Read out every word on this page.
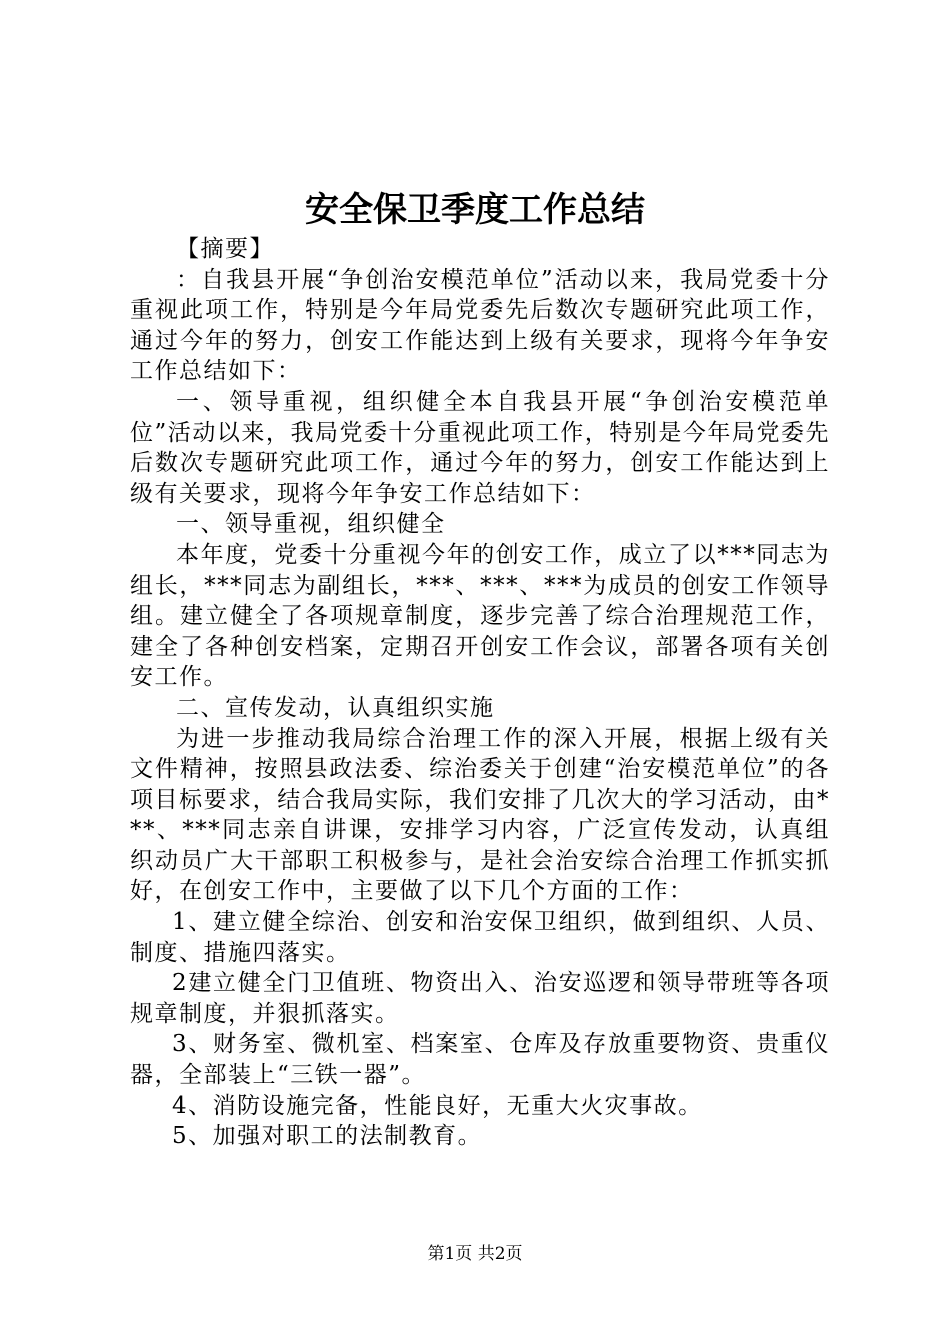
安全保卫季度工作总结

【摘要】

：自我县开展“争创治安模范单位”活动以来，我局党委十分重视此项工作，特别是今年局党委先后数次专题研究此项工作，通过今年的努力，创安工作能达到上级有关要求，现将今年争安工作总结如下：

一、领导重视，组织健全本自我县开展“争创治安模范单位”活动以来，我局党委十分重视此项工作，特别是今年局党委先后数次专题研究此项工作，通过今年的努力，创安工作能达到上级有关要求，现将今年争安工作总结如下：

一、领导重视，组织健全

本年度，党委十分重视今年的创安工作，成立了以***同志为组长，***同志为副组长，***、***、***为成员的创安工作领导组。建立健全了各项规章制度，逐步完善了综合治理规范工作，建全了各种创安档案，定期召开创安工作会议，部署各项有关创安工作。

二、宣传发动，认真组织实施

为进一步推动我局综合治理工作的深入开展，根据上级有关文件精神，按照县政法委、综治委关于创建“治安模范单位”的各项目标要求，结合我局实际，我们安排了几次大的学习活动，由***、***同志亲自讲课，安排学习内容，广泛宣传发动，认真组织动员广大干部职工积极参与，是社会治安综合治理工作抓实抓好，在创安工作中，主要做了以下几个方面的工作：

1、建立健全综治、创安和治安保卫组织，做到组织、人员、制度、措施四落实。

2建立健全门卫值班、物资出入、治安巡逻和领导带班等各项规章制度，并狠抓落实。

3、财务室、微机室、档案室、仓库及存放重要物资、贵重仪器，全部装上“三铁一器”。

4、消防设施完备，性能良好，无重大火灾事故。

5、加强对职工的法制教育。

第1页 共2页
